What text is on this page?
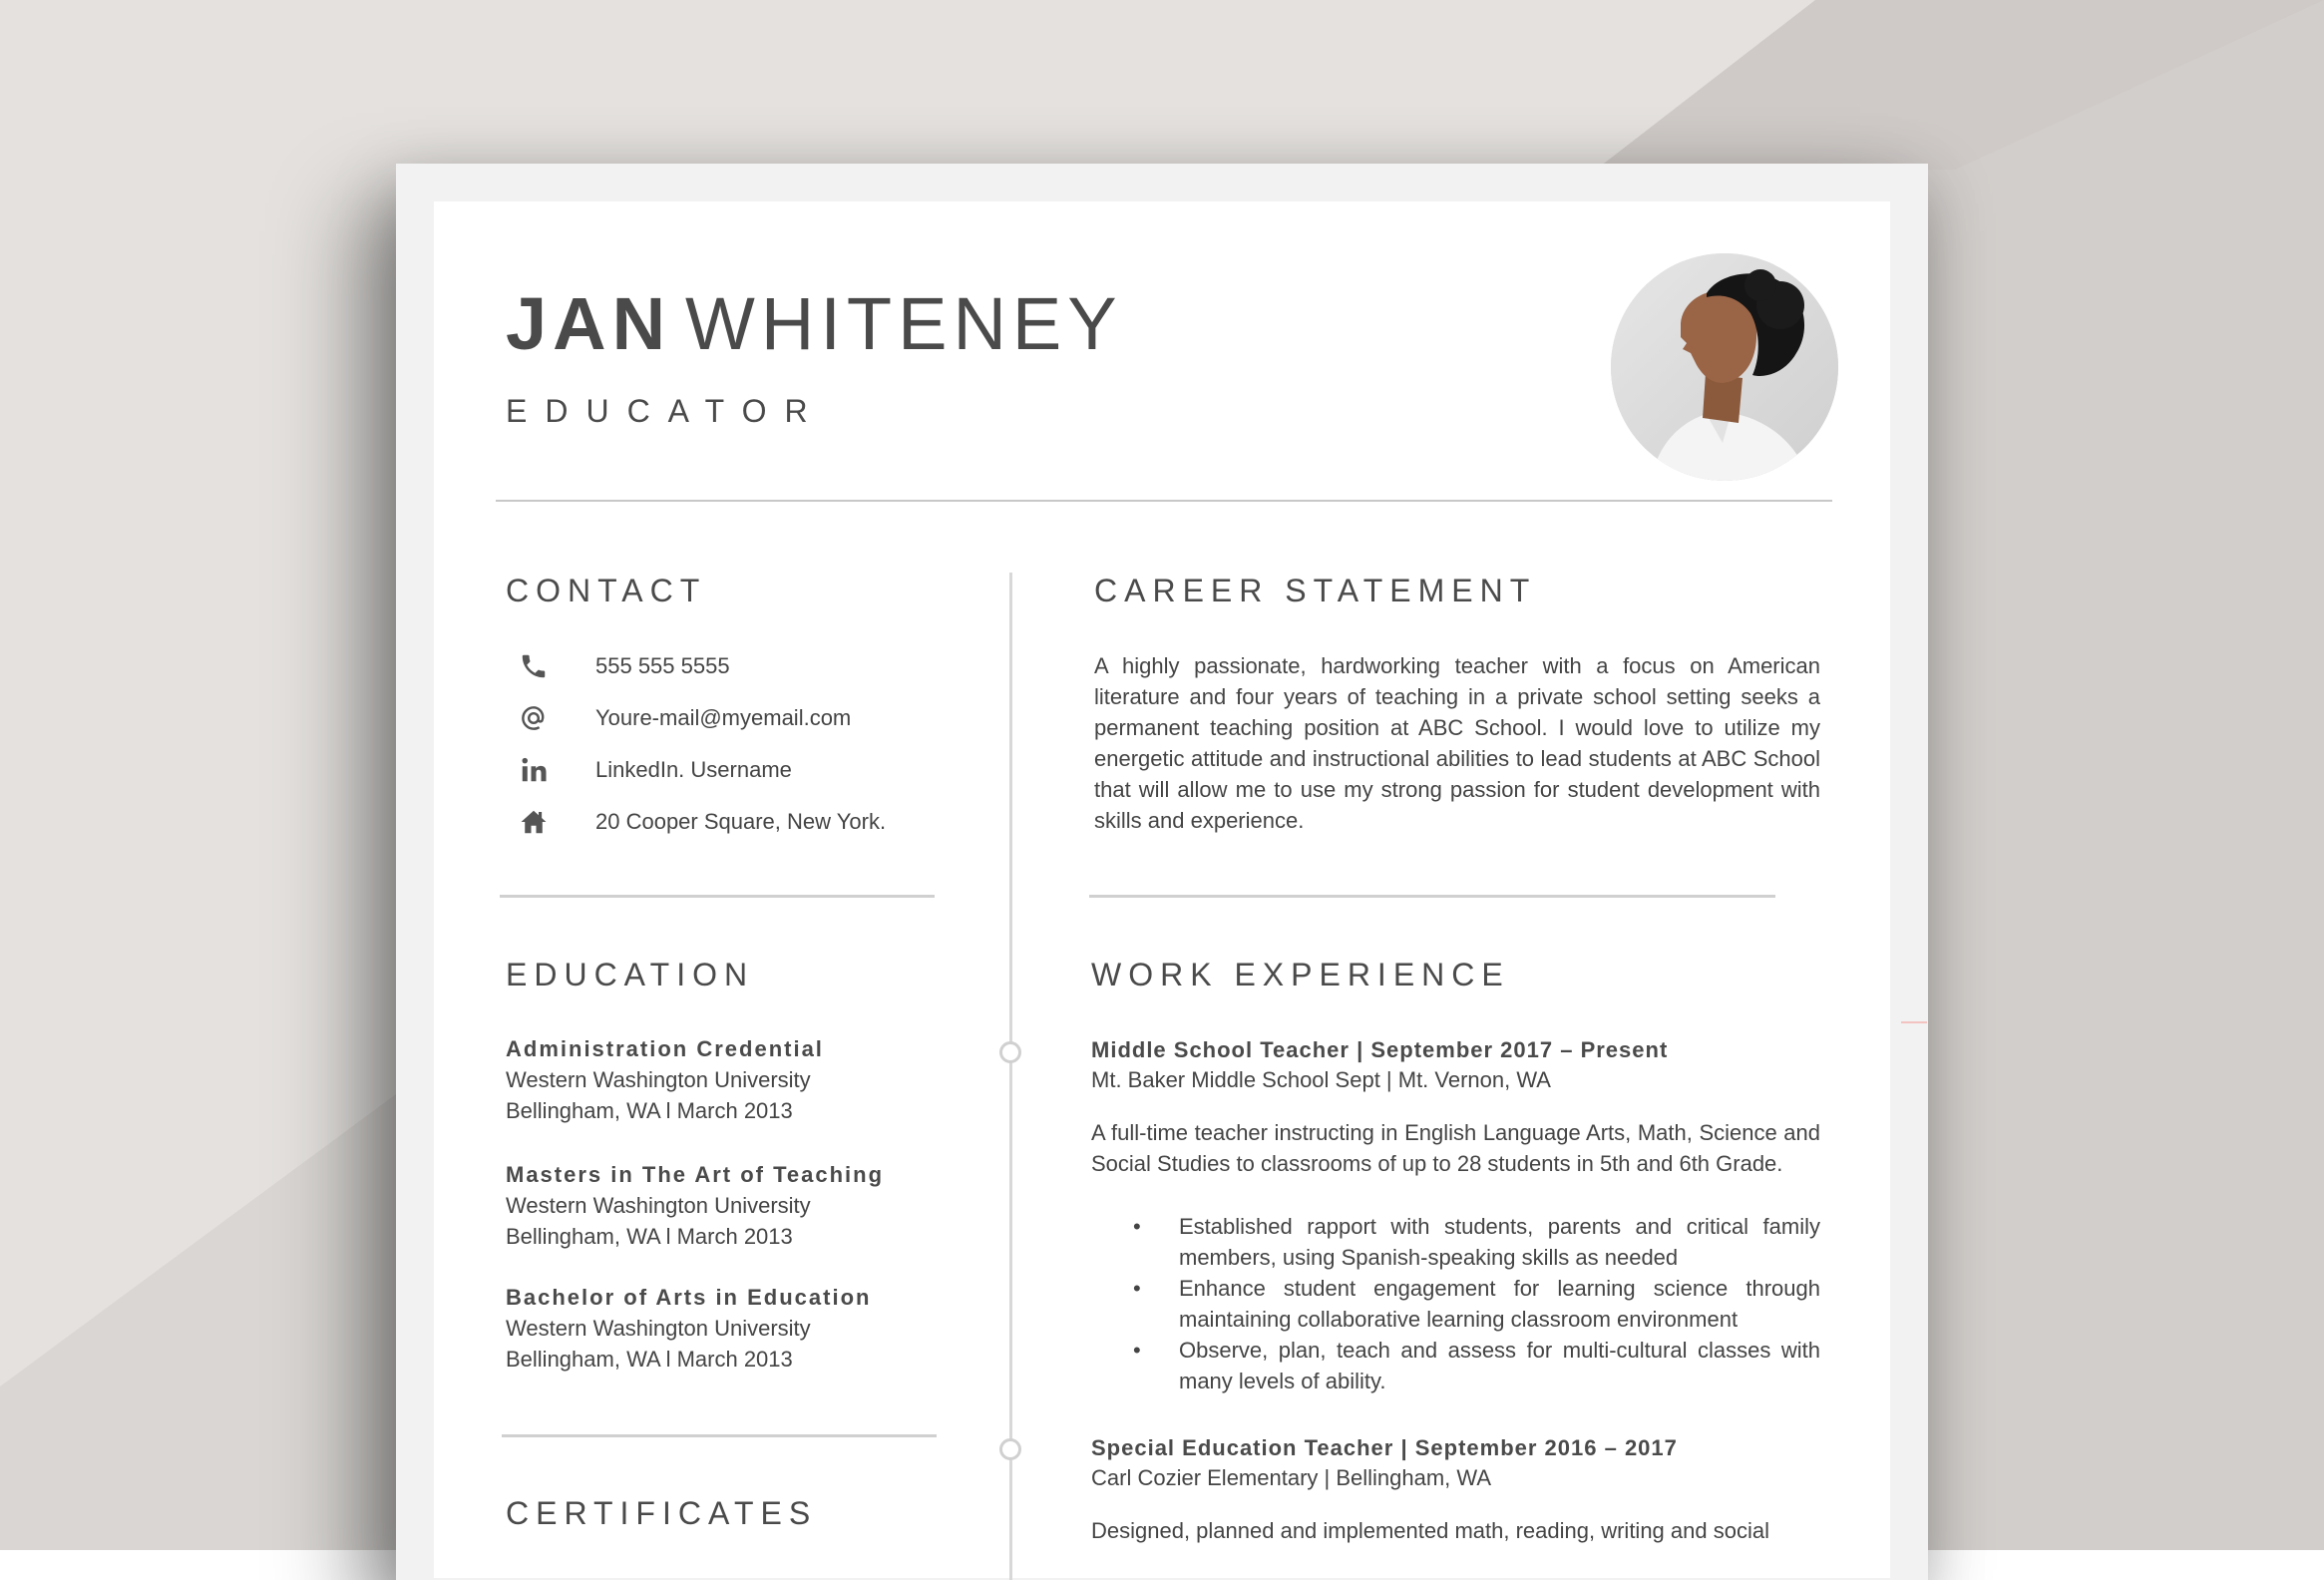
JAN WHITENEY
EDUCATOR
CONTACT
555 555 5555
Youre-mail@myemail.com
LinkedIn. Username
20 Cooper Square, New York.
CAREER STATEMENT
A highly passionate, hardworking teacher with a focus on American literature and four years of teaching in a private school setting seeks a permanent teaching position at ABC School. I would love to utilize my energetic attitude and instructional abilities to lead students at ABC School that will allow me to use my strong passion for student development with skills and experience.
EDUCATION
Administration Credential
Western Washington University
Bellingham, WA l March 2013
Masters in The Art of Teaching
Western Washington University
Bellingham, WA l March 2013
Bachelor of Arts in Education
Western Washington University
Bellingham, WA l March 2013
CERTIFICATES
WORK EXPERIENCE
Middle School Teacher | September 2017 – Present
Mt. Baker Middle School Sept | Mt. Vernon, WA
A full-time teacher instructing in English Language Arts, Math, Science and Social Studies to classrooms of up to 28 students in 5th and 6th Grade.
• Established rapport with students, parents and critical family members, using Spanish-speaking skills as needed
• Enhance student engagement for learning science through maintaining collaborative learning classroom environment
• Observe, plan, teach and assess for multi-cultural classes with many levels of ability.
Special Education Teacher | September 2016 – 2017
Carl Cozier Elementary | Bellingham, WA
Designed, planned and implemented math, reading, writing and social
